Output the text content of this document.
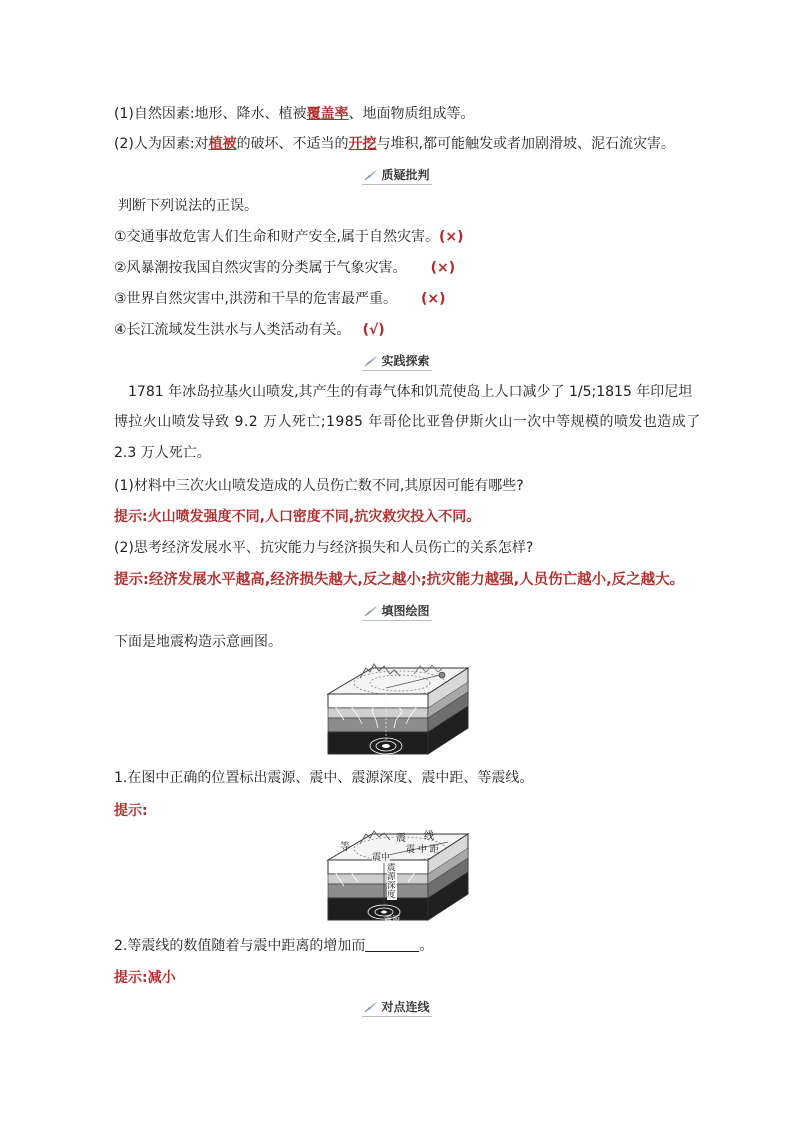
(1)自然因素:地形、降水、植被覆盖率、地面物质组成等。
(2)人为因素:对植被的破坏、不适当的开挖与堆积,都可能触发或者加剧滑坡、泥石流灾害。
质疑批判
判断下列说法的正误。
①交通事故危害人们生命和财产安全,属于自然灾害。(×)
②风暴潮按我国自然灾害的分类属于气象灾害。 (×)
③世界自然灾害中,洪涝和干旱的危害最严重。 (×)
④长江流域发生洪水与人类活动有关。 (√)
实践探索
1781 年冰岛拉基火山喷发,其产生的有毒气体和饥荒使岛上人口减少了 1/5;1815 年印尼坦
博拉火山喷发导致 9.2 万人死亡;1985 年哥伦比亚鲁伊斯火山一次中等规模的喷发也造成了
2.3 万人死亡。
(1)材料中三次火山喷发造成的人员伤亡数不同,其原因可能有哪些?
提示:火山喷发强度不同,人口密度不同,抗灾救灾投入不同。
(2)思考经济发展水平、抗灾能力与经济损失和人员伤亡的关系怎样?
提示:经济发展水平越高,经济损失越大,反之越小;抗灾能力越强,人员伤亡越小,反之越大。
填图绘图
下面是地震构造示意画图。
1.在图中正确的位置标出震源、震中、震源深度、震中距、等震线。
提示:
等
震 线
震中
震 中 距
震
源
深
度
震源
2.等震线的数值随着与震中距离的增加而	。
提示:减小
对点连线
